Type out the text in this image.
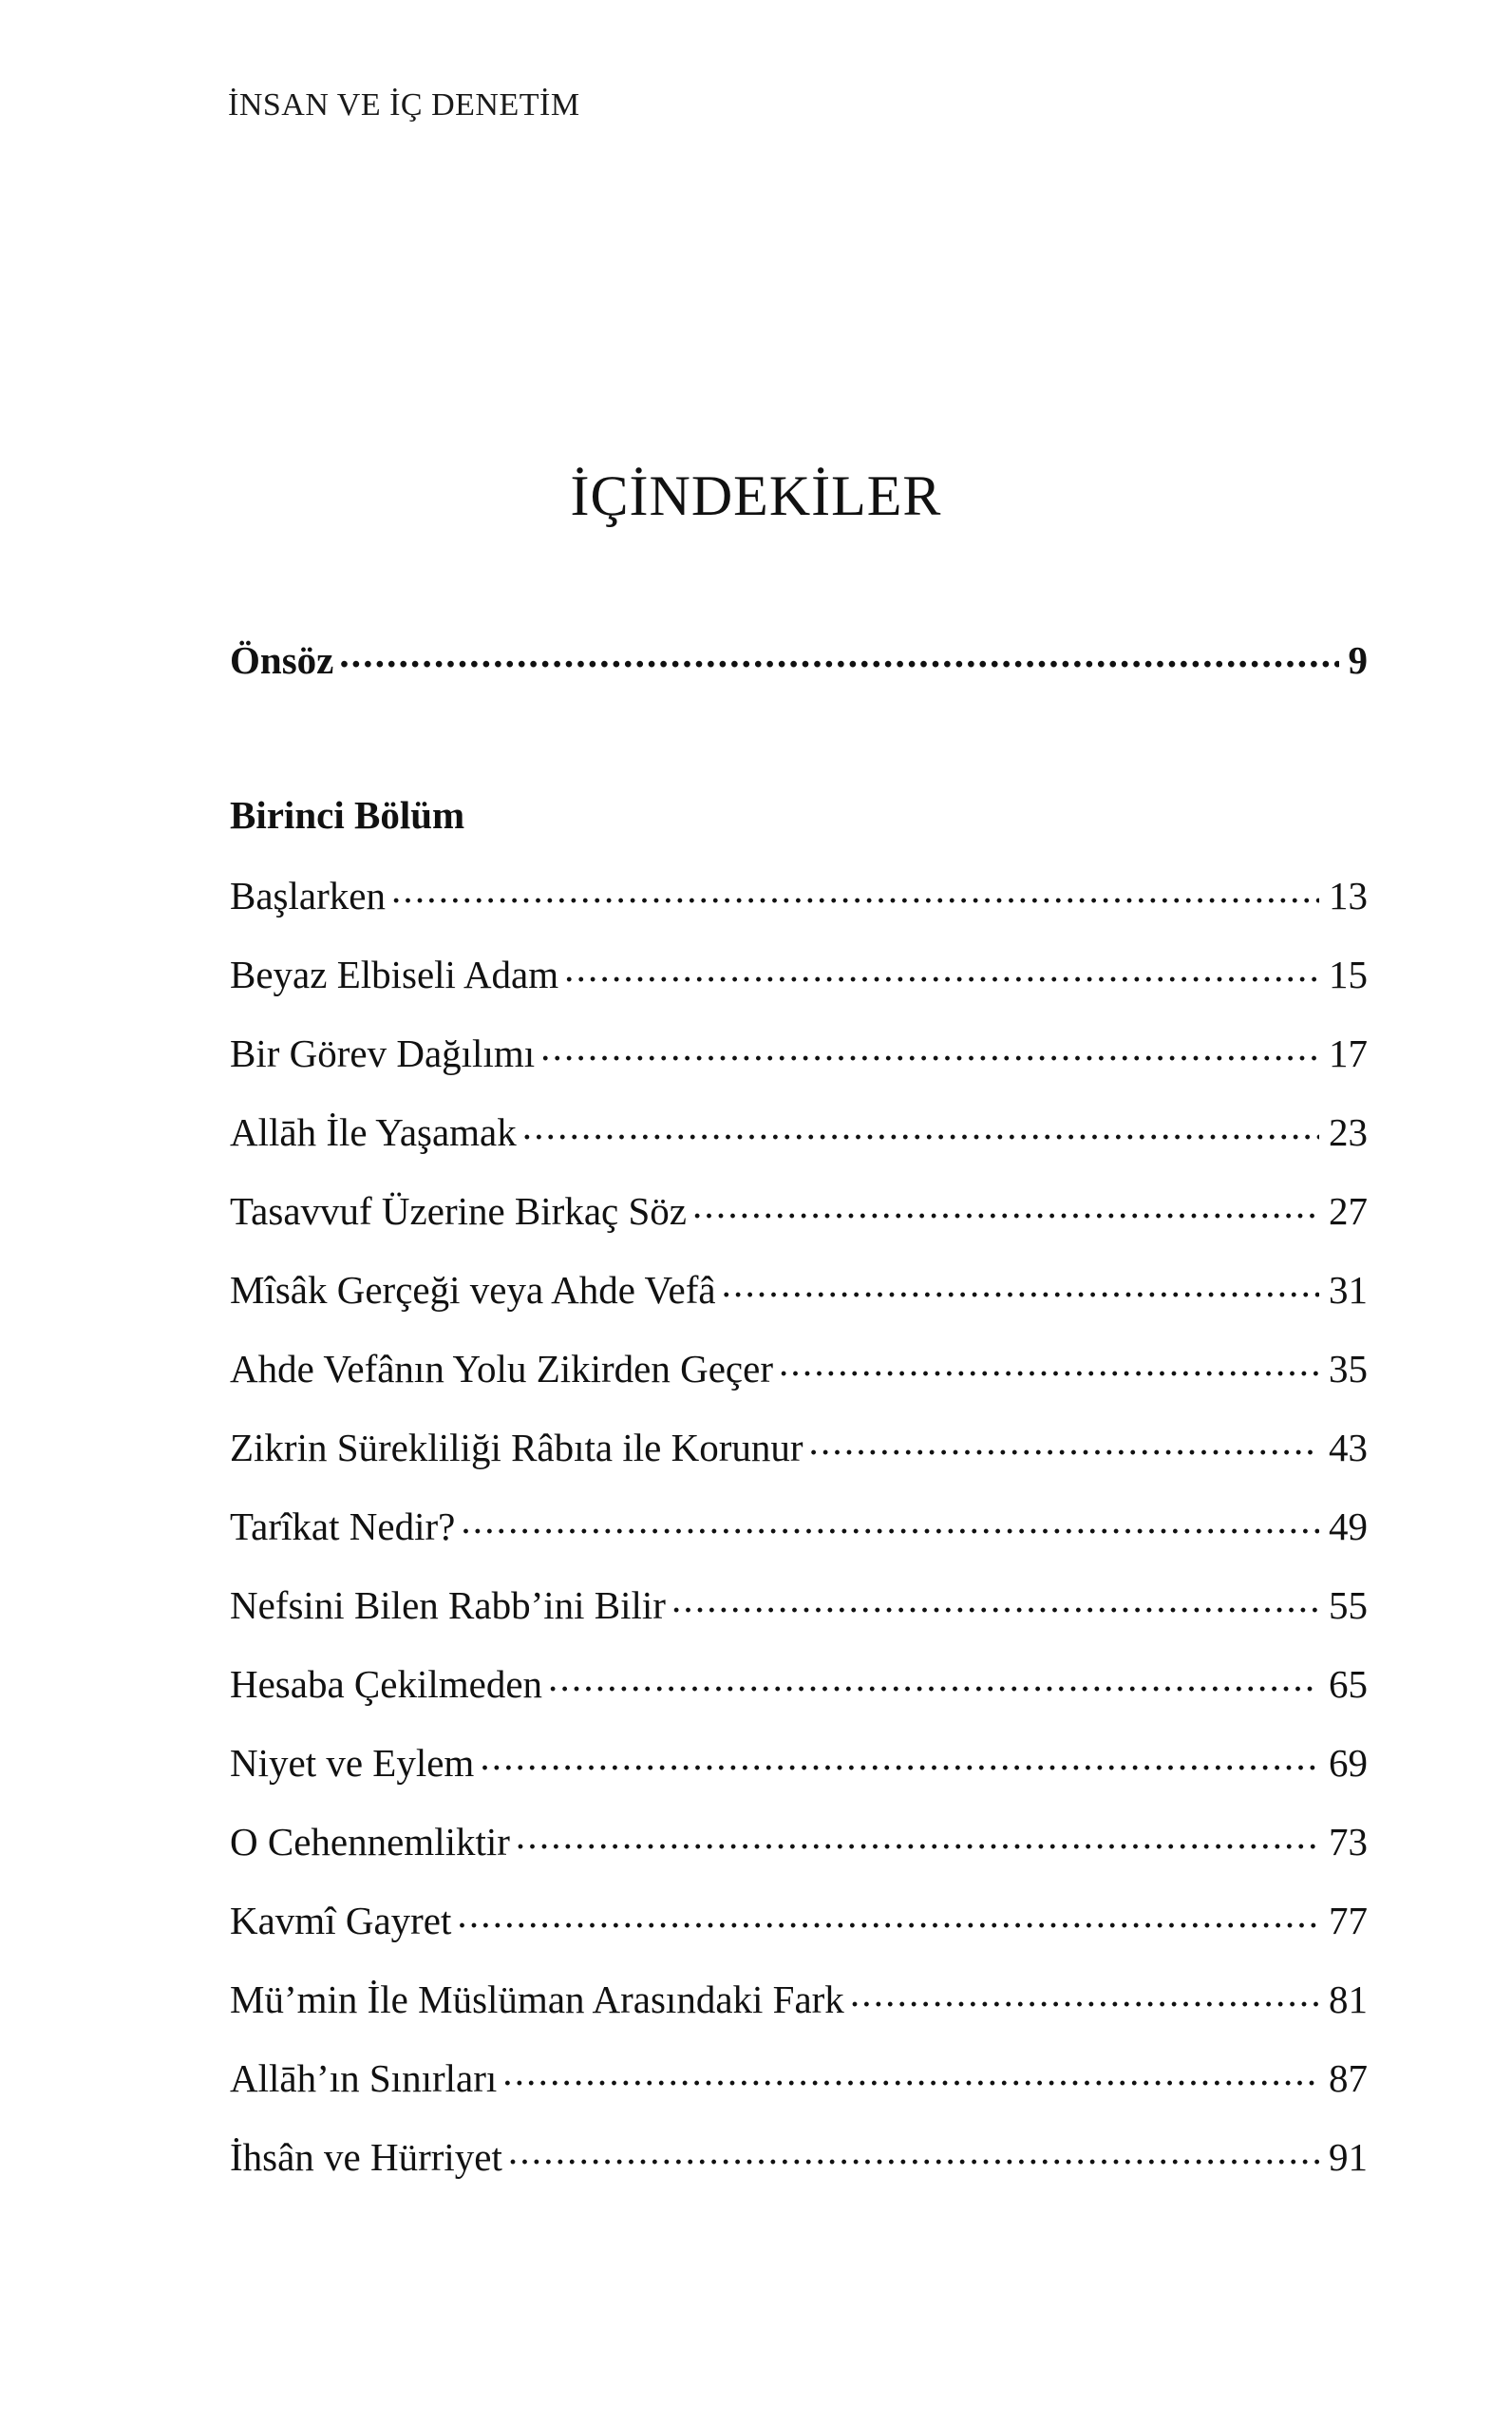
İNSAN VE İÇ DENETİM
İÇİNDEKİLER
Önsöz .....	9
Birinci Bölüm
Başlarken .....	13
Beyaz Elbiseli Adam .....	15
Bir Görev Dağılımı .....	17
Allāh İle Yaşamak .....	23
Tasavvuf Üzerine Birkaç Söz .....	27
Mîsâk Gerçeği veya Ahde Vefâ .....	31
Ahde Vefânın Yolu Zikirden Geçer .....	35
Zikrin Sürekliliği Râbıta ile Korunur .....	43
Tarîkat Nedir? .....	49
Nefsini Bilen Rabb’ini Bilir .....	55
Hesaba Çekilmeden .....	65
Niyet ve Eylem .....	69
O Cehennemliktir .....	73
Kavmî Gayret .....	77
Mü’min İle Müslüman Arasındaki Fark .....	81
Allāh’ın Sınırları .....	87
İhsân ve Hürriyet .....	91
